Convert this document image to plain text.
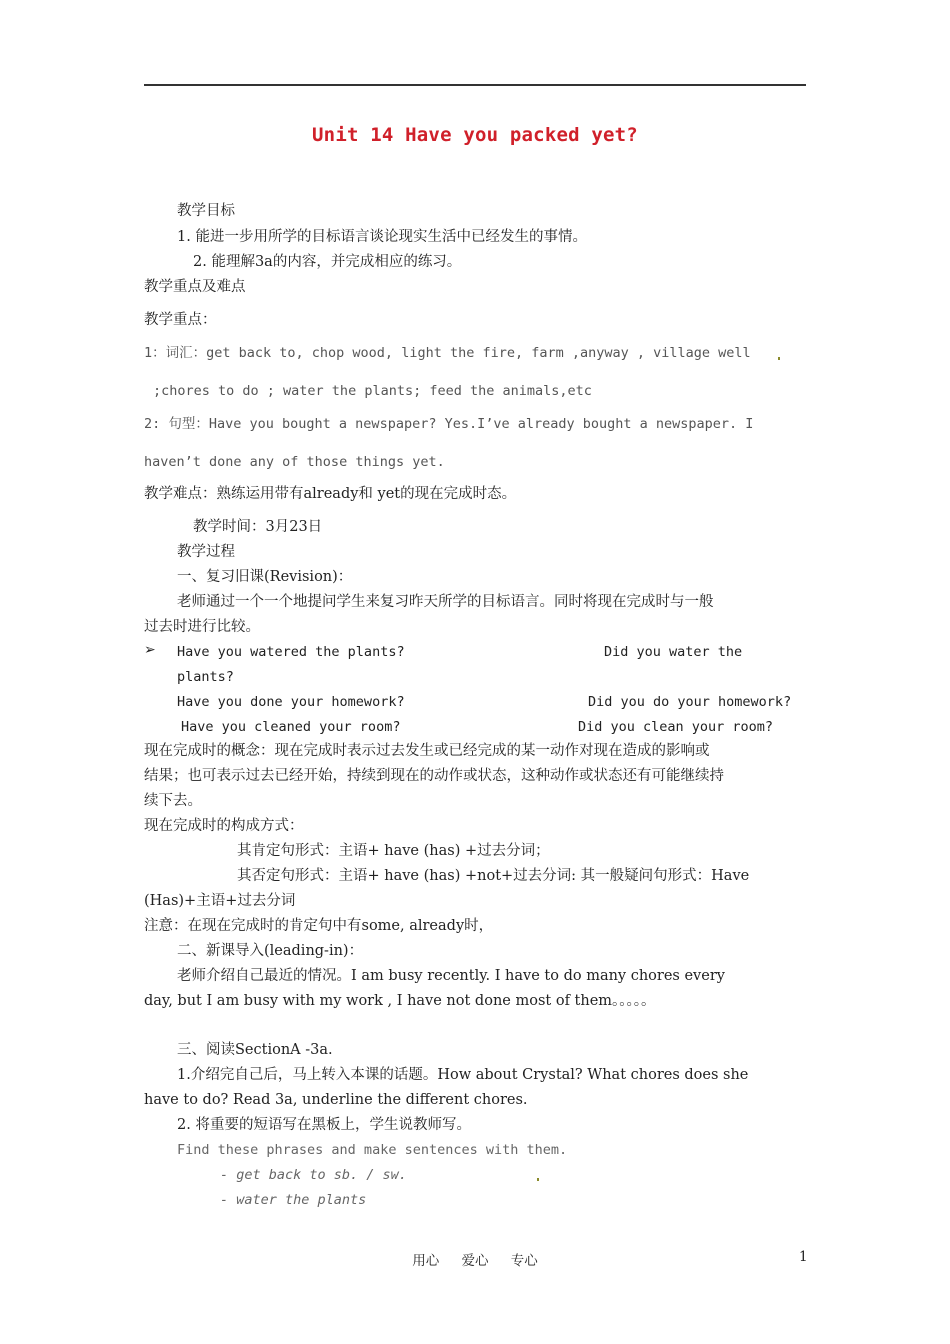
Unit 14 Have you packed yet?
教学目标
1. 能进一步用所学的目标语言谈论现实生活中已经发生的事情。
2. 能理解3a的内容，并完成相应的练习。
教学重点及难点
教学重点：
1：词汇：get back to, chop wood, light the fire, farm ,anyway , village well
;chores to do ; water the plants; feed the animals,etc
2: 句型：Have you bought a newspaper? Yes.I’ve already bought a newspaper. I
haven’t done any of those things yet.
教学难点：熟练运用带有already和 yet的现在完成时态。
教学时间：3月23日
教学过程
一、复习旧课(Revision)：
老师通过一个一个地提问学生来复习昨天所学的目标语言。同时将现在完成时与一般
过去时进行比较。
➢ Have you watered the plants?	Did you water the
plants?
Have you done your homework?	Did you do your homework?
Have you cleaned your room?	Did you clean your room?
现在完成时的概念：现在完成时表示过去发生或已经完成的某一动作对现在造成的影响或
结果；也可表示过去已经开始，持续到现在的动作或状态，这种动作或状态还有可能继续持
续下去。
现在完成时的构成方式：
其肯定句形式：主语+ have (has) +过去分词；
其否定句形式：主语+ have (has) +not+过去分词: 其一般疑问句形式：Have
(Has)+主语+过去分词
注意：在现在完成时的肯定句中有some, already时，
二、新课导入(leading-in)：
老师介绍自己最近的情况。I am busy recently. I have to do many chores every
day, but I am busy with my work , I have not done most of them。。。。。
三、阅读SectionA -3a.
1.介绍完自己后，马上转入本课的话题。How about Crystal? What chores does she
have to do? Read 3a, underline the different chores.
2. 将重要的短语写在黑板上，学生说教师写。
Find these phrases and make sentences with them.
- get back to sb. / sw.
- water the plants
用心 爱心 专心	1
